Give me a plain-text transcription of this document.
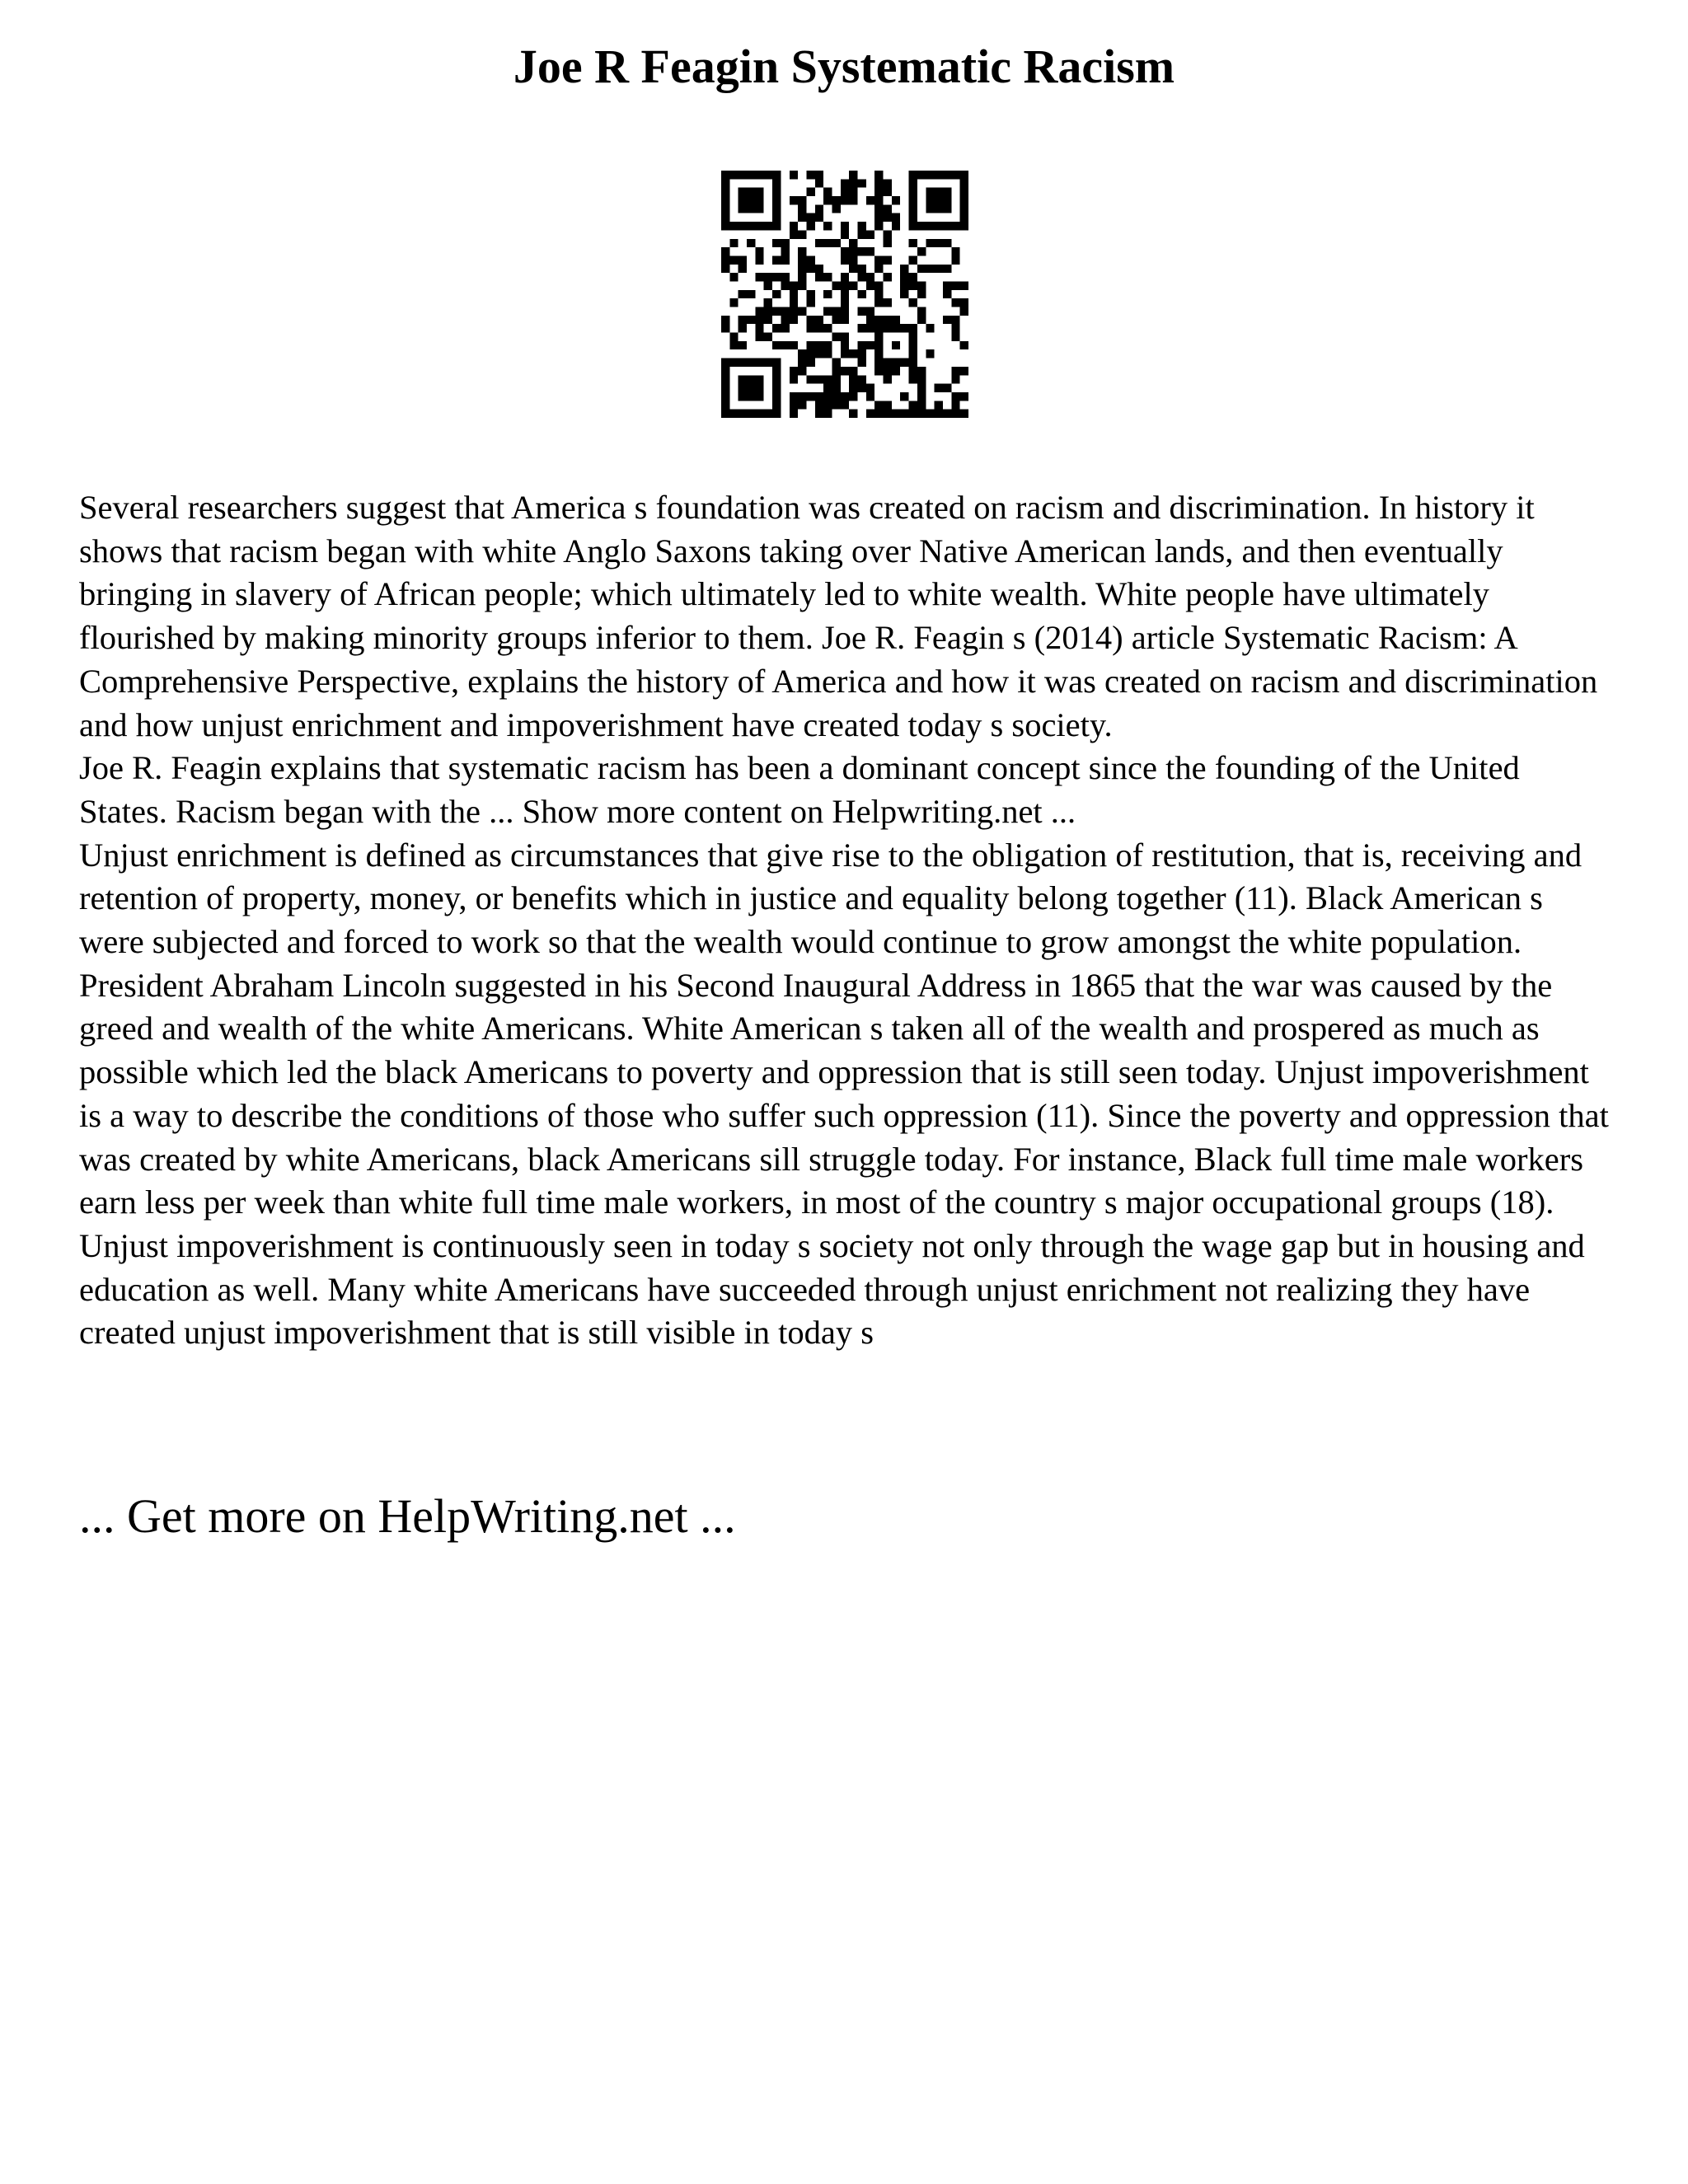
Joe R Feagin Systematic Racism

Several researchers suggest that America s foundation was created on racism and discrimination. In history it shows that racism began with white Anglo Saxons taking over Native American lands, and then eventually bringing in slavery of African people; which ultimately led to white wealth. White people have ultimately flourished by making minority groups inferior to them. Joe R. Feagin s (2014) article Systematic Racism: A Comprehensive Perspective, explains the history of America and how it was created on racism and discrimination and how unjust enrichment and impoverishment have created today s society.

Joe R. Feagin explains that systematic racism has been a dominant concept since the founding of the United States. Racism began with the ... Show more content on Helpwriting.net ...

Unjust enrichment is defined as circumstances that give rise to the obligation of restitution, that is, receiving and retention of property, money, or benefits which in justice and equality belong together (11). Black American s were subjected and forced to work so that the wealth would continue to grow amongst the white population. President Abraham Lincoln suggested in his Second Inaugural Address in 1865 that the war was caused by the greed and wealth of the white Americans. White American s taken all of the wealth and prospered as much as possible which led the black Americans to poverty and oppression that is still seen today. Unjust impoverishment is a way to describe the conditions of those who suffer such oppression (11). Since the poverty and oppression that was created by white Americans, black Americans sill struggle today. For instance, Black full time male workers earn less per week than white full time male workers, in most of the country s major occupational groups (18). Unjust impoverishment is continuously seen in today s society not only through the wage gap but in housing and education as well. Many white Americans have succeeded through unjust enrichment not realizing they have created unjust impoverishment that is still visible in today s

... Get more on HelpWriting.net ...
